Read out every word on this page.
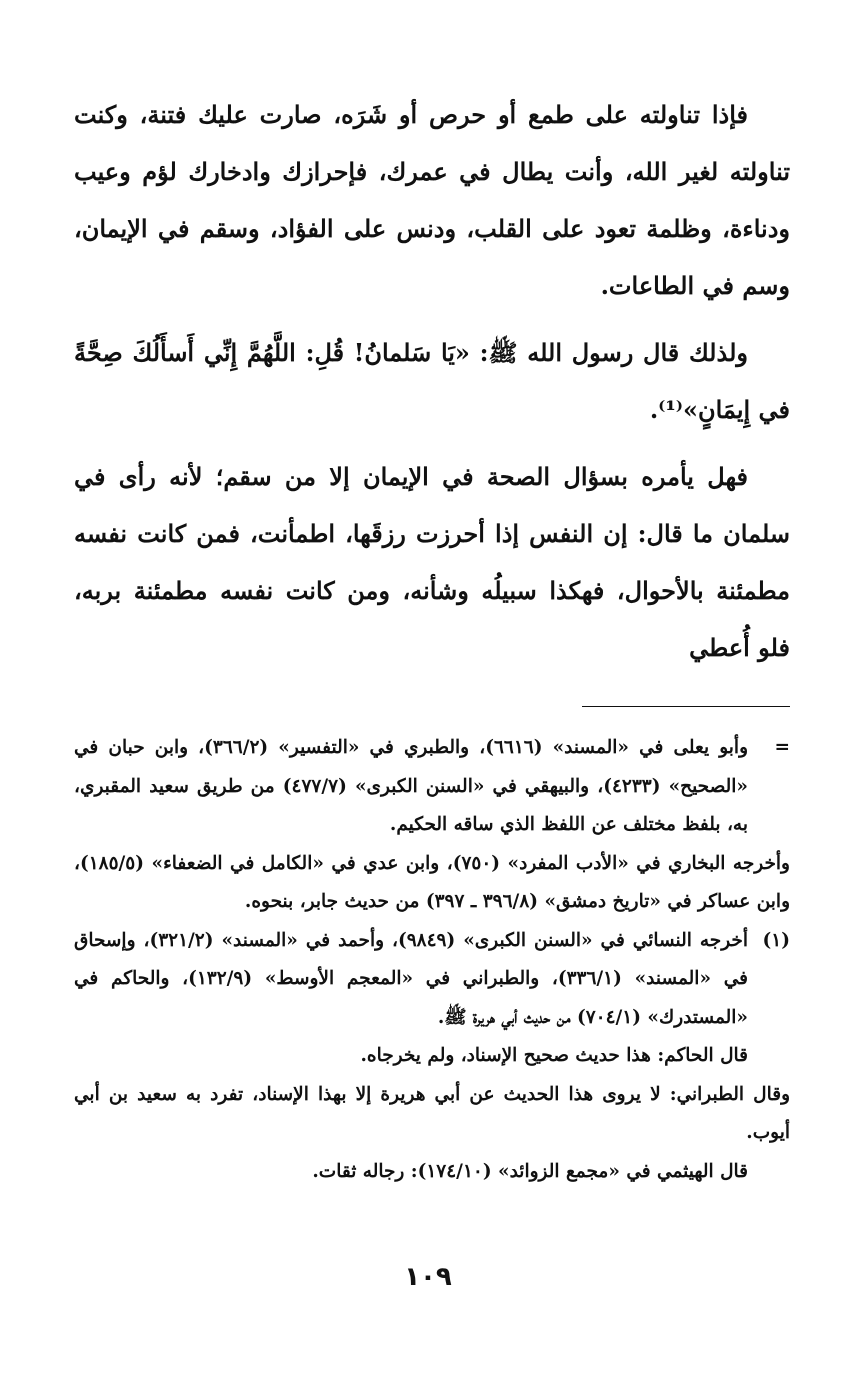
فإذا تناولته على طمع أو حرص أو شَرَه، صارت عليك فتنة، وكنت تناولته لغير الله، وأنت يطال في عمرك، فإحرازك وادخارك لؤم وعيب ودناءة، وظلمة تعود على القلب، ودنس على الفؤاد، وسقم في الإيمان، وسم في الطاعات.

ولذلك قال رسول الله ﷺ: «يَا سَلمانُ! قُلِ: اللَّهُمَّ إِنِّي أَسأَلُكَ صِحَّةً في إِيمَانٍ»⁽¹⁾.

فهل يأمره بسؤال الصحة في الإيمان إلا من سقم؛ لأنه رأى في سلمان ما قال: إن النفس إذا أحرزت رزقَها، اطمأنت، فمن كانت نفسه مطمئنة بالأحوال، فهكذا سبيلُه وشأنه، ومن كانت نفسه مطمئنة بربه، فلو أُعطي

=

وأبو يعلى في «المسند» (٦٦١٦)، والطبري في «التفسير» (٣٦٦/٢)، وابن حبان في «الصحيح» (٤٢٣٣)، والبيهقي في «السنن الكبرى» (٤٧٧/٧) من طريق سعيد المقبري، به، بلفظ مختلف عن اللفظ الذي ساقه الحكيم.

وأخرجه البخاري في «الأدب المفرد» (٧٥٠)، وابن عدي في «الكامل في الضعفاء» (١٨٥/٥)، وابن عساكر في «تاريخ دمشق» (٣٩٦/٨ ـ ٣٩٧) من حديث جابر، بنحوه.

(١)

أخرجه النسائي في «السنن الكبرى» (٩٨٤٩)، وأحمد في «المسند» (٣٢١/٢)، وإسحاق في «المسند» (٣٣٦/١)، والطبراني في «المعجم الأوسط» (١٣٢/٩)، والحاكم في «المستدرك» (٧٠٤/١) من حديث أبي هريرة ﷺ.

قال الحاكم: هذا حديث صحيح الإسناد، ولم يخرجاه.

وقال الطبراني: لا يروى هذا الحديث عن أبي هريرة إلا بهذا الإسناد، تفرد به سعيد بن أبي أيوب.

قال الهيثمي في «مجمع الزوائد» (١٧٤/١٠): رجاله ثقات.

١٠٩
